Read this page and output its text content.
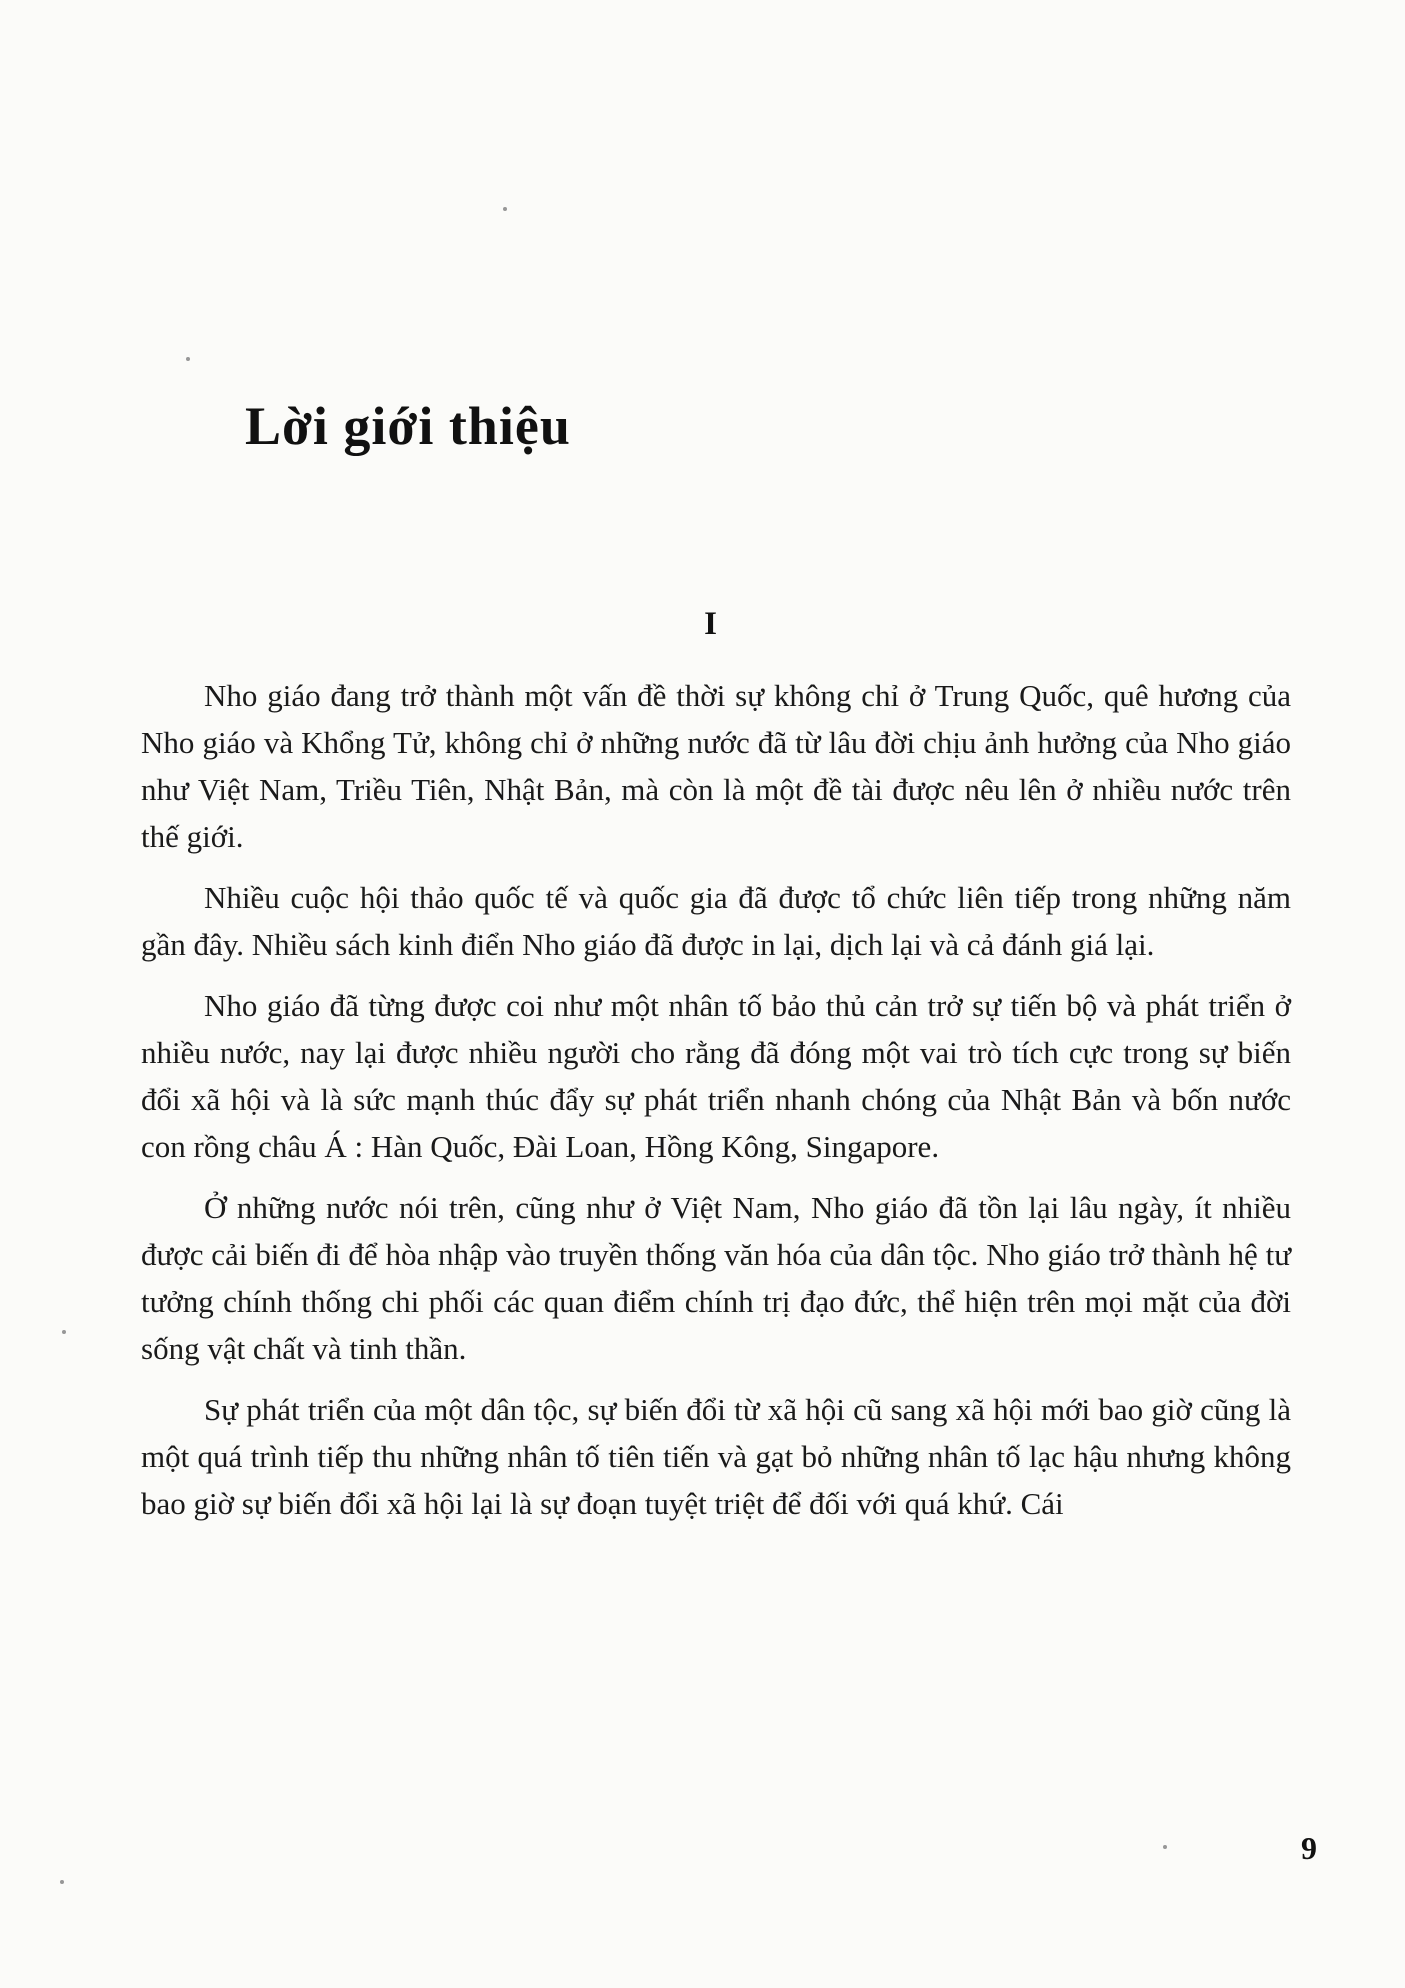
Lời giới thiệu
I

Nho giáo đang trở thành một vấn đề thời sự không chỉ ở Trung Quốc, quê hương của Nho giáo và Khổng Tử, không chỉ ở những nước đã từ lâu đời chịu ảnh hưởng của Nho giáo như Việt Nam, Triều Tiên, Nhật Bản, mà còn là một đề tài được nêu lên ở nhiều nước trên thế giới.

Nhiều cuộc hội thảo quốc tế và quốc gia đã được tổ chức liên tiếp trong những năm gần đây. Nhiều sách kinh điển Nho giáo đã được in lại, dịch lại và cả đánh giá lại.

Nho giáo đã từng được coi như một nhân tố bảo thủ cản trở sự tiến bộ và phát triển ở nhiều nước, nay lại được nhiều người cho rằng đã đóng một vai trò tích cực trong sự biến đổi xã hội và là sức mạnh thúc đẩy sự phát triển nhanh chóng của Nhật Bản và bốn nước con rồng châu Á : Hàn Quốc, Đài Loan, Hồng Kông, Singapore.

Ở những nước nói trên, cũng như ở Việt Nam, Nho giáo đã tồn lại lâu ngày, ít nhiều được cải biến đi để hòa nhập vào truyền thống văn hóa của dân tộc. Nho giáo trở thành hệ tư tưởng chính thống chi phối các quan điểm chính trị đạo đức, thể hiện trên mọi mặt của đời sống vật chất và tinh thần.

Sự phát triển của một dân tộc, sự biến đổi từ xã hội cũ sang xã hội mới bao giờ cũng là một quá trình tiếp thu những nhân tố tiên tiến và gạt bỏ những nhân tố lạc hậu nhưng không bao giờ sự biến đổi xã hội lại là sự đoạn tuyệt triệt để đối với quá khứ. Cái

9
